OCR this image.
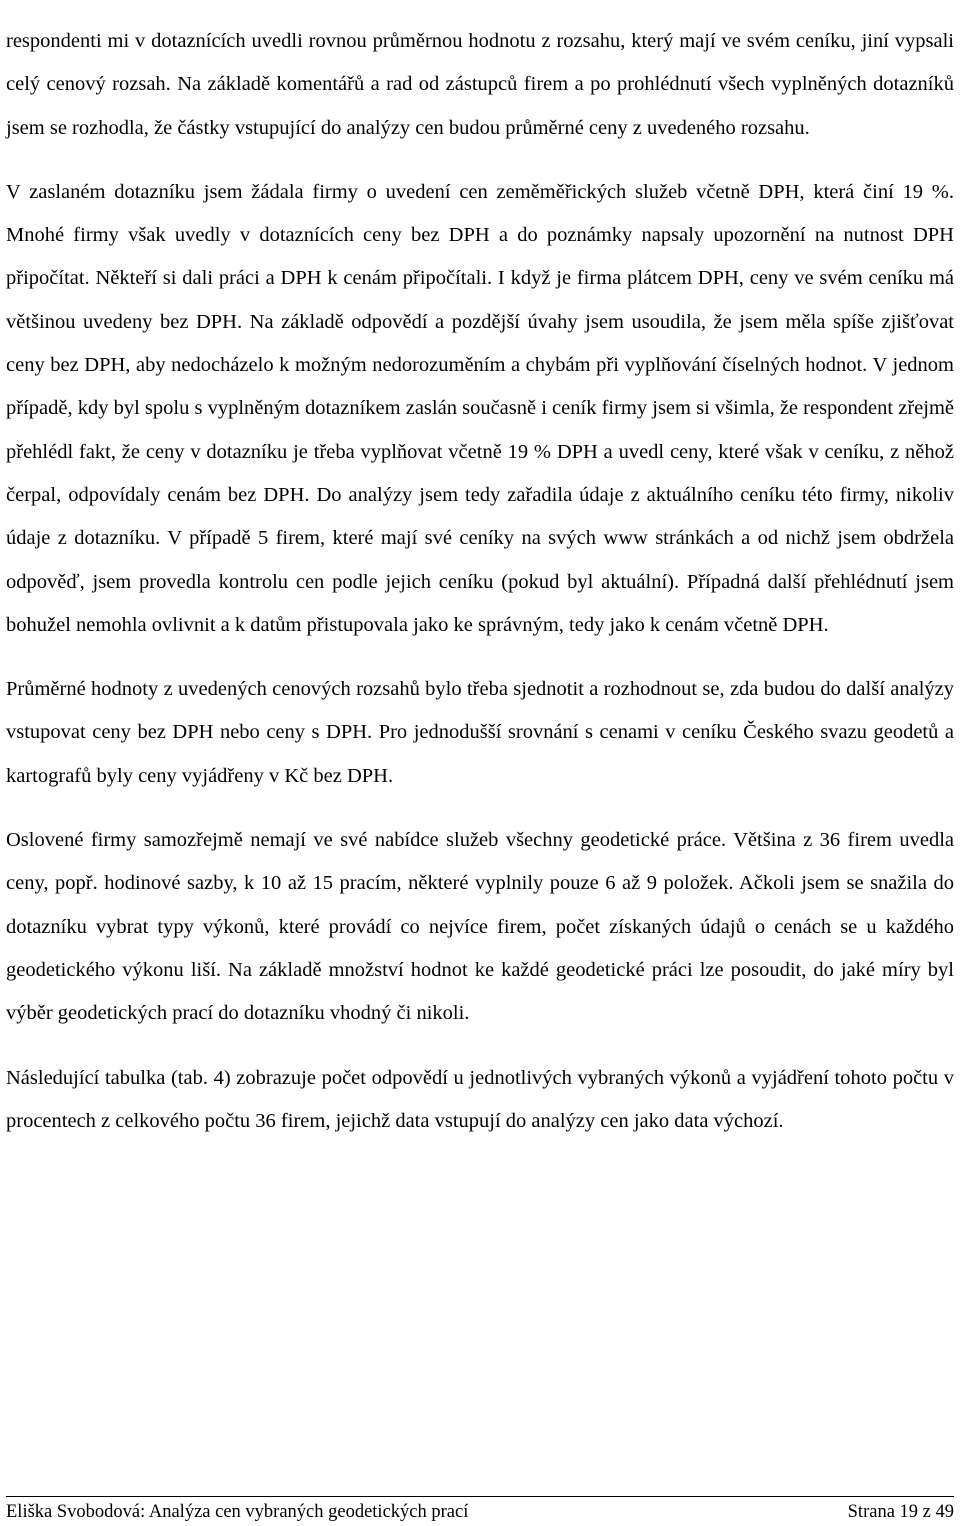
respondenti mi v dotaznících uvedli rovnou průměrnou hodnotu z rozsahu, který mají ve svém ceníku, jiní vypsali celý cenový rozsah. Na základě komentářů a rad od zástupců firem a po prohlédnutí všech vyplněných dotazníků jsem se rozhodla, že částky vstupující do analýzy cen budou průměrné ceny z uvedeného rozsahu.

V zaslaném dotazníku jsem žádala firmy o uvedení cen zeměměřických služeb včetně DPH, která činí 19 %. Mnohé firmy však uvedly v dotaznících ceny bez DPH a do poznámky napsaly upozornění na nutnost DPH připočítat. Někteří si dali práci a DPH k cenám připočítali. I když je firma plátcem DPH, ceny ve svém ceníku má většinou uvedeny bez DPH. Na základě odpovědí a pozdější úvahy jsem usoudila, že jsem měla spíše zjišťovat ceny bez DPH, aby nedocházelo k možným nedorozuměním a chybám při vyplňování číselných hodnot. V jednom případě, kdy byl spolu s vyplněným dotazníkem zaslán současně i ceník firmy jsem si všimla, že respondent zřejmě přehlédl fakt, že ceny v dotazníku je třeba vyplňovat včetně 19 % DPH a uvedl ceny, které však v ceníku, z něhož čerpal, odpovídaly cenám bez DPH. Do analýzy jsem tedy zařadila údaje z aktuálního ceníku této firmy, nikoliv údaje z dotazníku. V případě 5 firem, které mají své ceníky na svých www stránkách a od nichž jsem obdržela odpověď, jsem provedla kontrolu cen podle jejich ceníku (pokud byl aktuální). Případná další přehlédnutí jsem bohužel nemohla ovlivnit a k datům přistupovala jako ke správným, tedy jako k cenám včetně DPH.

Průměrné hodnoty z uvedených cenových rozsahů bylo třeba sjednotit a rozhodnout se, zda budou do další analýzy vstupovat ceny bez DPH nebo ceny s DPH. Pro jednodušší srovnání s cenami v ceníku Českého svazu geodetů a kartografů byly ceny vyjádřeny v Kč bez DPH.

Oslovené firmy samozřejmě nemají ve své nabídce služeb všechny geodetické práce. Většina z 36 firem uvedla ceny, popř. hodinové sazby, k 10 až 15 pracím, některé vyplnily pouze 6 až 9 položek. Ačkoli jsem se snažila do dotazníku vybrat typy výkonů, které provádí co nejvíce firem, počet získaných údajů o cenách se u každého geodetického výkonu liší. Na základě množství hodnot ke každé geodetické práci lze posoudit, do jaké míry byl výběr geodetických prací do dotazníku vhodný či nikoli.

Následující tabulka (tab. 4) zobrazuje počet odpovědí u jednotlivých vybraných výkonů a vyjádření tohoto počtu v procentech z celkového počtu 36 firem, jejichž data vstupují do analýzy cen jako data výchozí.

Eliška Svobodová: Analýza cen vybraných geodetických prací	Strana 19 z 49
